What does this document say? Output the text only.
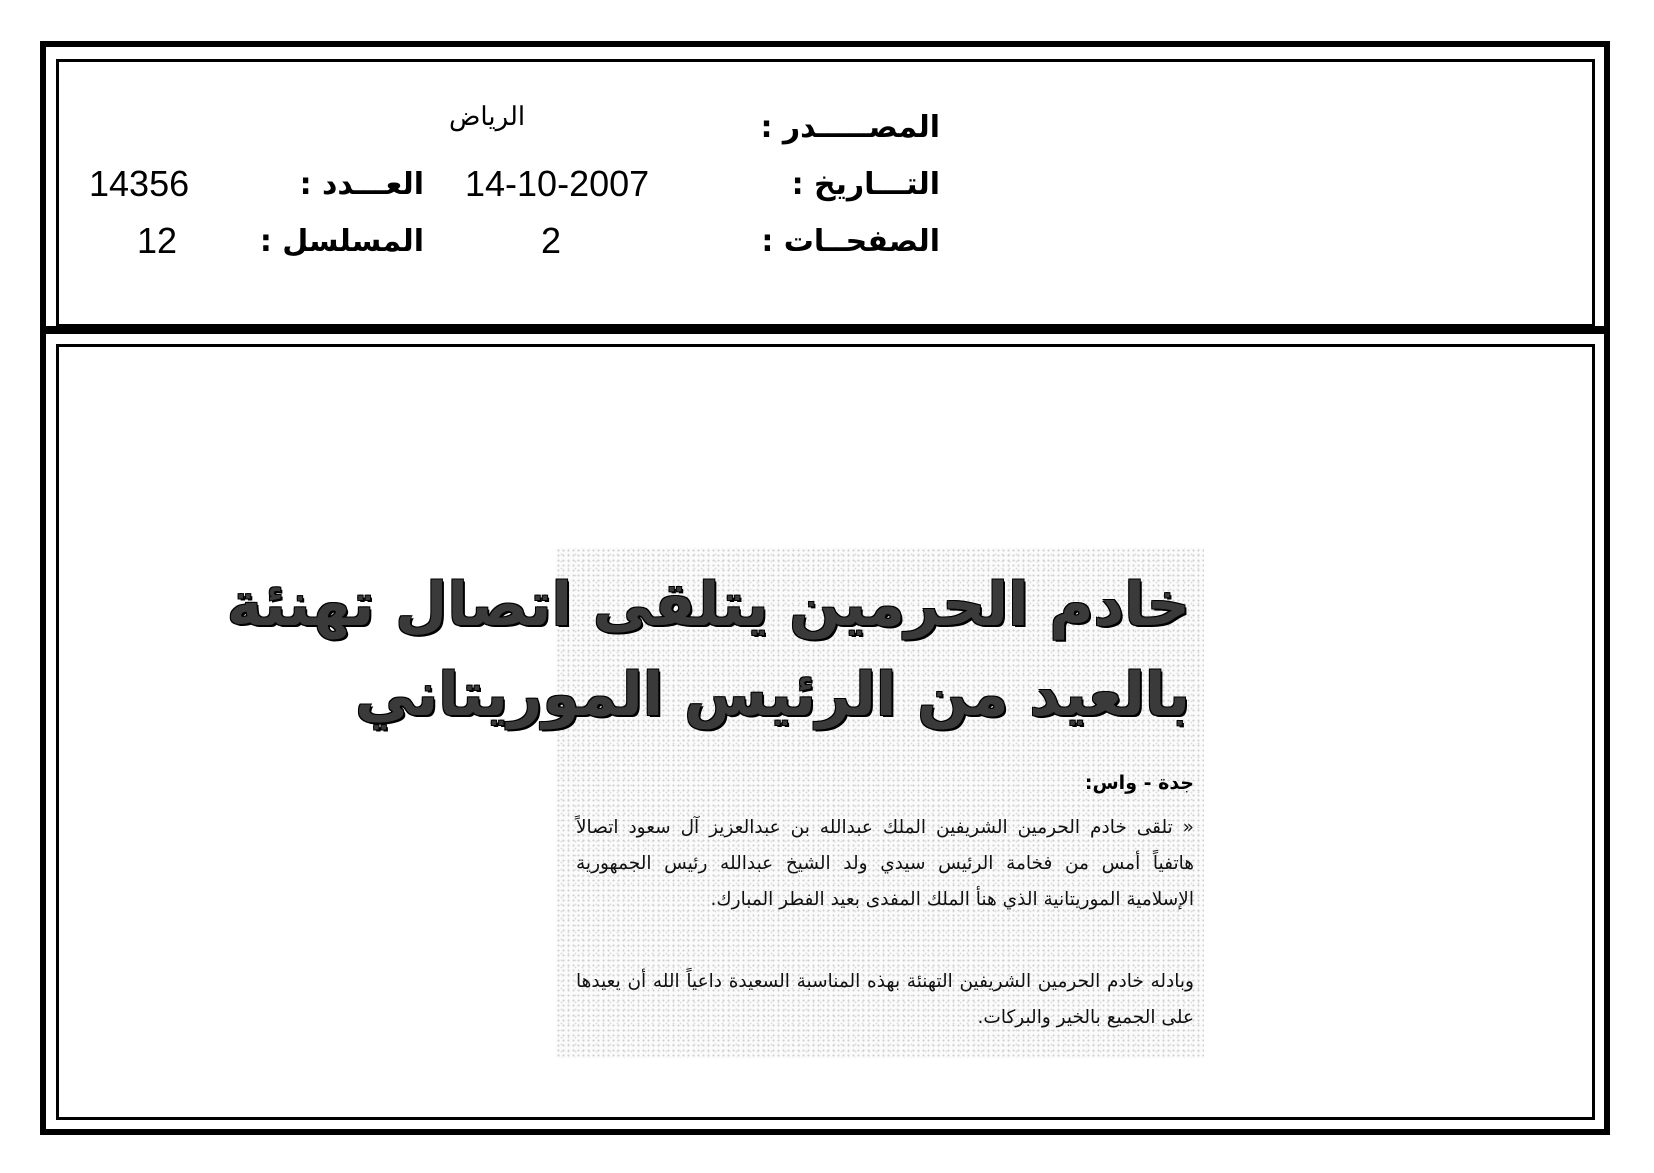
المصـــــدر :
الرياض
التـــاريخ :
14-10-2007
العـــدد :
14356
الصفحــات :
2
المسلسل :
12
خادم الحرمين يتلقى اتصال تهنئة
بالعيد من الرئيس الموريتاني
جدة - واس:
« تلقى خادم الحرمين الشريفين الملك عبدالله بن عبدالعزيز آل سعود اتصالاً هاتفياً أمس من فخامة الرئيس سيدي ولد الشيخ عبدالله رئيس الجمهورية الإسلامية الموريتانية الذي هنأ الملك المفدى بعيد الفطر المبارك.
وبادله خادم الحرمين الشريفين التهنئة بهذه المناسبة السعيدة داعياً الله أن يعيدها على الجميع بالخير والبركات.
